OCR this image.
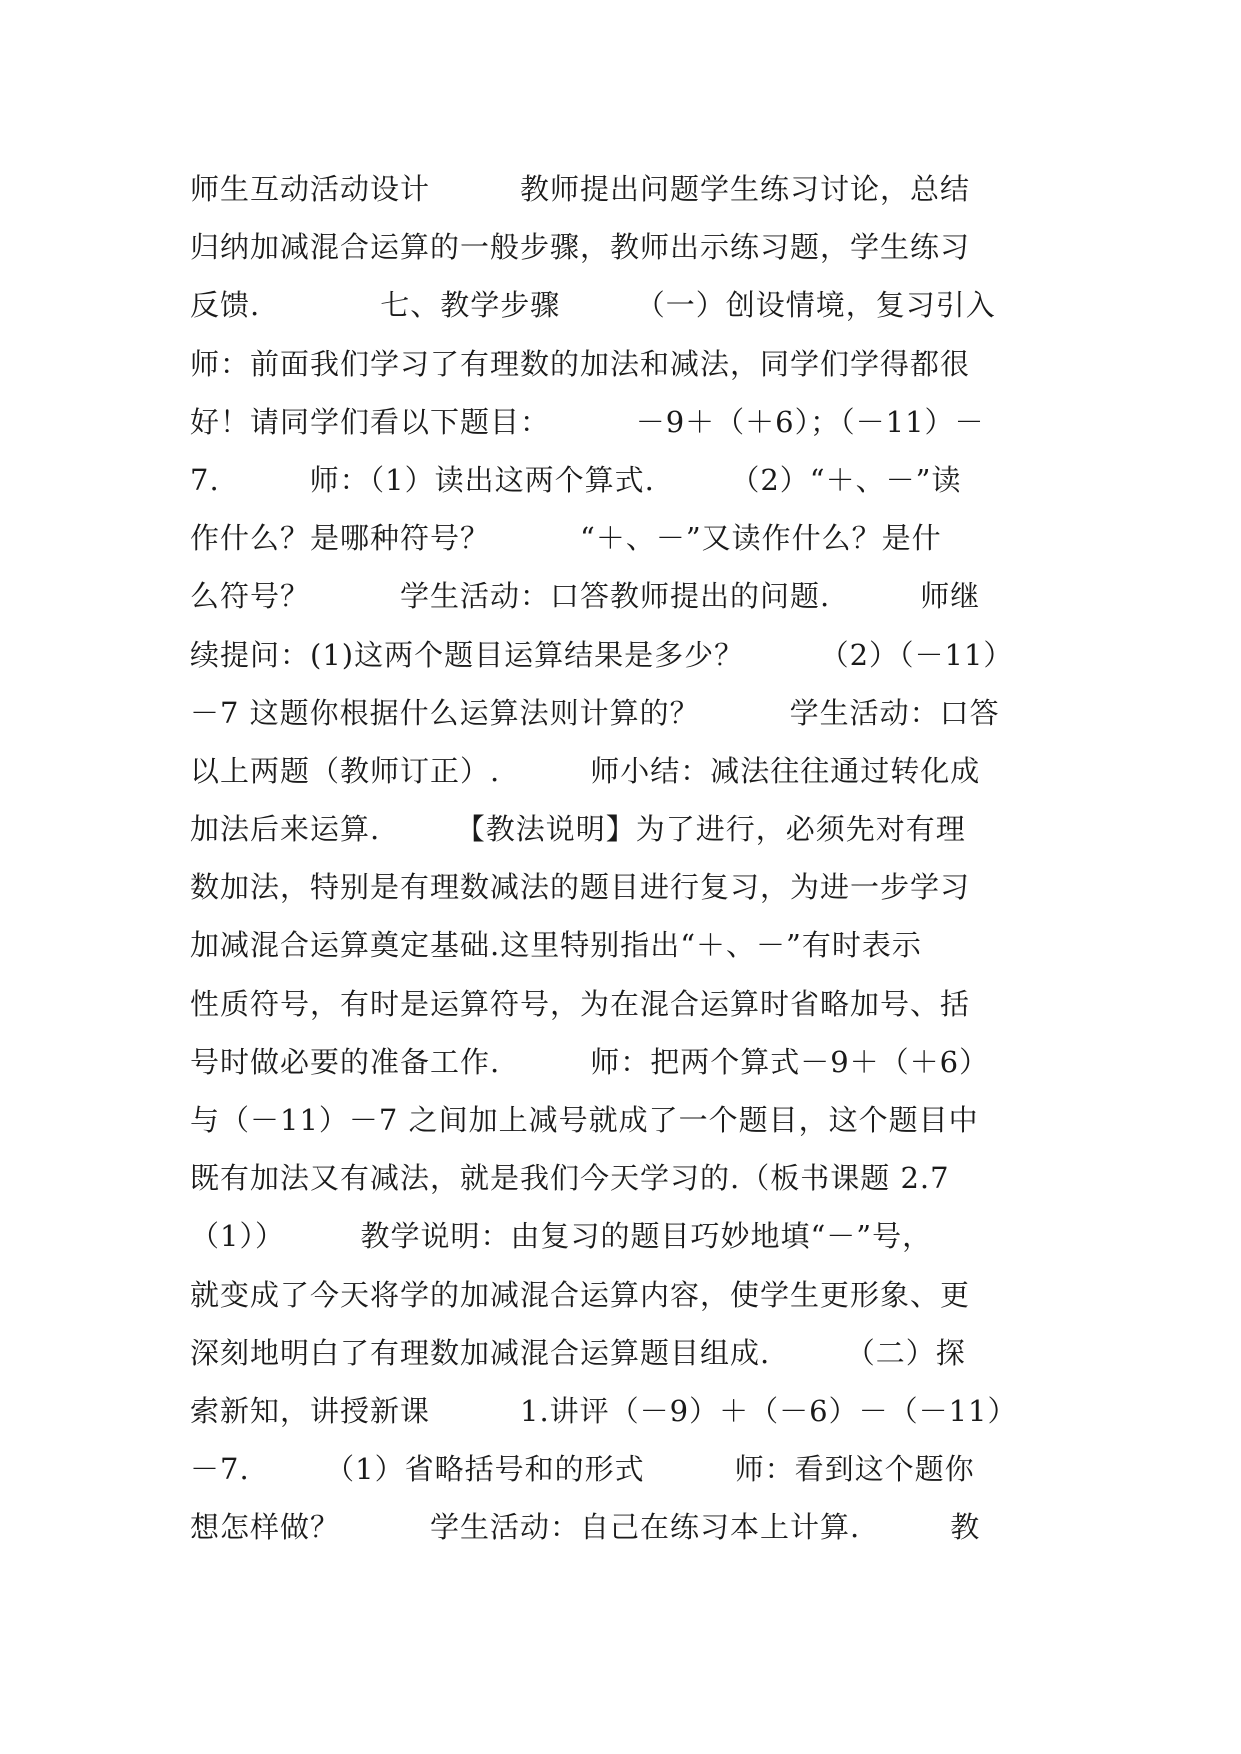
师生互动活动设计　　　教师提出问题学生练习讨论，总结
归纳加减混合运算的一般步骤，教师出示练习题，学生练习
反馈.　　　　七、教学步骤　　　（一）创设情境，复习引入
师：前面我们学习了有理数的加法和减法，同学们学得都很
好！请同学们看以下题目：　　　 －9＋（＋6）；（－11）－
7.　　　师：（1）读出这两个算式.　　　（2）“＋、－”读
作什么？是哪种符号？　　　“＋、－”又读作什么？是什
么符号？　　　学生活动：口答教师提出的问题.　　　师继
续提问：(1)这两个题目运算结果是多少？　　　（2）（－11）
－7 这题你根据什么运算法则计算的？　　　学生活动：口答
以上两题（教师订正）.　　　师小结：减法往往通过转化成
加法后来运算.　　　【教法说明】为了进行，必须先对有理
数加法，特别是有理数减法的题目进行复习，为进一步学习
加减混合运算奠定基础.这里特别指出“＋、－”有时表示
性质符号，有时是运算符号，为在混合运算时省略加号、括
号时做必要的准备工作.　　　师：把两个算式－9＋（＋6）
与（－11）－7 之间加上减号就成了一个题目，这个题目中
既有加法又有减法，就是我们今天学习的.（板书课题 2.7
（1））　　　教学说明：由复习的题目巧妙地填“－”号，
就变成了今天将学的加减混合运算内容，使学生更形象、更
深刻地明白了有理数加减混合运算题目组成.　　　（二）探
索新知，讲授新课　　　1.讲评（－9）＋（－6）－（－11）
－7.　　　（1）省略括号和的形式　　　师：看到这个题你
想怎样做？　　　学生活动：自己在练习本上计算.　　　教
